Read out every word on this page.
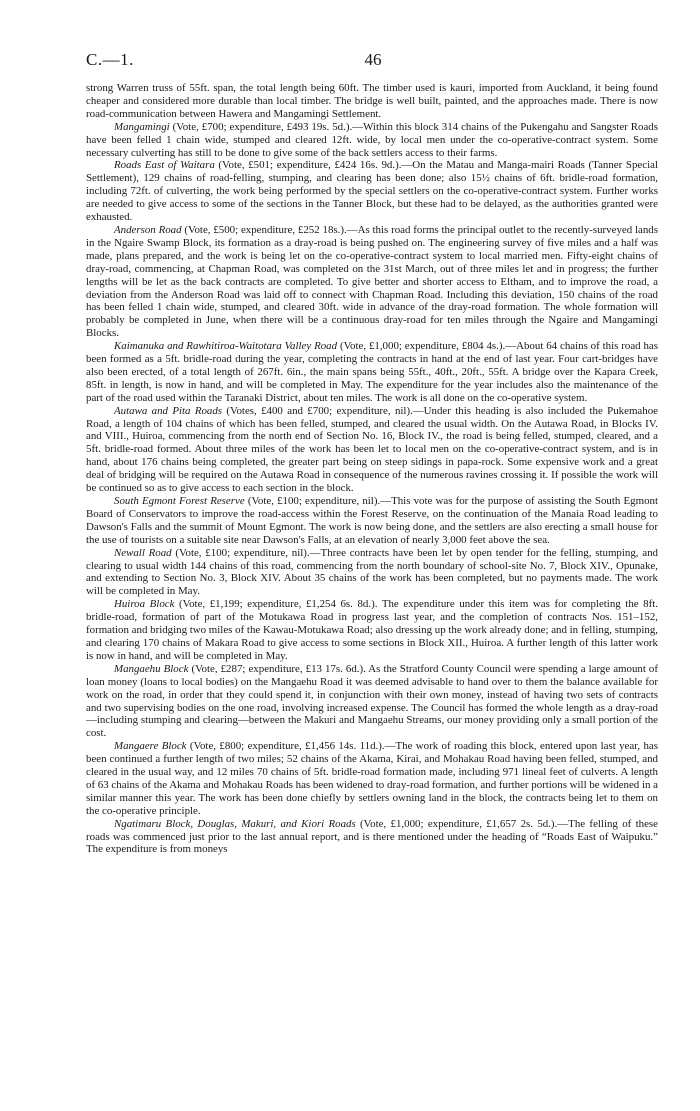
C.—1.	46

strong Warren truss of 55ft. span, the total length being 60ft. The timber used is kauri, imported from Auckland, it being found cheaper and considered more durable than local timber. The bridge is well built, painted, and the approaches made. There is now road-communication between Hawera and Mangamingi Settlement.

Mangamingi (Vote, £700; expenditure, £493 19s. 5d.).—Within this block 314 chains of the Pukengahu and Sangster Roads have been felled 1 chain wide, stumped and cleared 12ft. wide, by local men under the co-operative-contract system. Some necessary culverting has still to be done to give some of the back settlers access to their farms.

Roads East of Waitara (Vote, £501; expenditure, £424 16s. 9d.).—On the Matau and Manga-mairi Roads (Tanner Special Settlement), 129 chains of road-felling, stumping, and clearing has been done; also 15½ chains of 6ft. bridle-road formation, including 72ft. of culverting, the work being performed by the special settlers on the co-operative-contract system. Further works are needed to give access to some of the sections in the Tanner Block, but these had to be delayed, as the authorities granted were exhausted.

Anderson Road (Vote, £500; expenditure, £252 18s.).—As this road forms the principal outlet to the recently-surveyed lands in the Ngaire Swamp Block, its formation as a dray-road is being pushed on. The engineering survey of five miles and a half was made, plans prepared, and the work is being let on the co-operative-contract system to local married men. Fifty-eight chains of dray-road, commencing, at Chapman Road, was completed on the 31st March, out of three miles let and in progress; the further lengths will be let as the back contracts are completed. To give better and shorter access to Eltham, and to improve the road, a deviation from the Anderson Road was laid off to connect with Chapman Road. Including this deviation, 150 chains of the road has been felled 1 chain wide, stumped, and cleared 30ft. wide in advance of the dray-road formation. The whole formation will probably be completed in June, when there will be a continuous dray-road for ten miles through the Ngaire and Mangamingi Blocks.

Kaimanuka and Rawhitiroa-Waitotara Valley Road (Vote, £1,000; expenditure, £804 4s.).—About 64 chains of this road has been formed as a 5ft. bridle-road during the year, completing the contracts in hand at the end of last year. Four cart-bridges have also been erected, of a total length of 267ft. 6in., the main spans being 55ft., 40ft., 20ft., 55ft. A bridge over the Kapara Creek, 85ft. in length, is now in hand, and will be completed in May. The expenditure for the year includes also the maintenance of the part of the road used within the Taranaki District, about ten miles. The work is all done on the co-operative system.

Autawa and Pita Roads (Votes, £400 and £700; expenditure, nil).—Under this heading is also included the Pukemahoe Road, a length of 104 chains of which has been felled, stumped, and cleared the usual width. On the Autawa Road, in Blocks IV. and VIII., Huiroa, commencing from the north end of Section No. 16, Block IV., the road is being felled, stumped, cleared, and a 5ft. bridle-road formed. About three miles of the work has been let to local men on the co-operative-contract system, and is in hand, about 176 chains being completed, the greater part being on steep sidings in papa-rock. Some expensive work and a great deal of bridging will be required on the Autawa Road in consequence of the numerous ravines crossing it. If possible the work will be continued so as to give access to each section in the block.

South Egmont Forest Reserve (Vote, £100; expenditure, nil).—This vote was for the purpose of assisting the South Egmont Board of Conservators to improve the road-access within the Forest Reserve, on the continuation of the Manaia Road leading to Dawson's Falls and the summit of Mount Egmont. The work is now being done, and the settlers are also erecting a small house for the use of tourists on a suitable site near Dawson's Falls, at an elevation of nearly 3,000 feet above the sea.

Newall Road (Vote, £100; expenditure, nil).—Three contracts have been let by open tender for the felling, stumping, and clearing to usual width 144 chains of this road, commencing from the north boundary of school-site No. 7, Block XIV., Opunake, and extending to Section No. 3, Block XIV. About 35 chains of the work has been completed, but no payments made. The work will be completed in May.

Huiroa Block (Vote, £1,199; expenditure, £1,254 6s. 8d.). The expenditure under this item was for completing the 8ft. bridle-road, formation of part of the Motukawa Road in progress last year, and the completion of contracts Nos. 151–152, formation and bridging two miles of the Kawau-Motukawa Road; also dressing up the work already done; and in felling, stumping, and clearing 170 chains of Makara Road to give access to some sections in Block XII., Huiroa. A further length of this latter work is now in hand, and will be completed in May.

Mangaehu Block (Vote, £287; expenditure, £13 17s. 6d.). As the Stratford County Council were spending a large amount of loan money (loans to local bodies) on the Mangaehu Road it was deemed advisable to hand over to them the balance available for work on the road, in order that they could spend it, in conjunction with their own money, instead of having two sets of contracts and two supervising bodies on the one road, involving increased expense. The Council has formed the whole length as a dray-road—including stumping and clearing—between the Makuri and Mangaehu Streams, our money providing only a small portion of the cost.

Mangaere Block (Vote, £800; expenditure, £1,456 14s. 11d.).—The work of roading this block, entered upon last year, has been continued a further length of two miles; 52 chains of the Akama, Kirai, and Mohakau Road having been felled, stumped, and cleared in the usual way, and 12 miles 70 chains of 5ft. bridle-road formation made, including 971 lineal feet of culverts. A length of 63 chains of the Akama and Mohakau Roads has been widened to dray-road formation, and further portions will be widened in a similar manner this year. The work has been done chiefly by settlers owning land in the block, the contracts being let to them on the co-operative principle.

Ngatimaru Block, Douglas, Makuri, and Kiori Roads (Vote, £1,000; expenditure, £1,657 2s. 5d.).—The felling of these roads was commenced just prior to the last annual report, and is there mentioned under the heading of “Roads East of Waipuku.” The expenditure is from moneys
